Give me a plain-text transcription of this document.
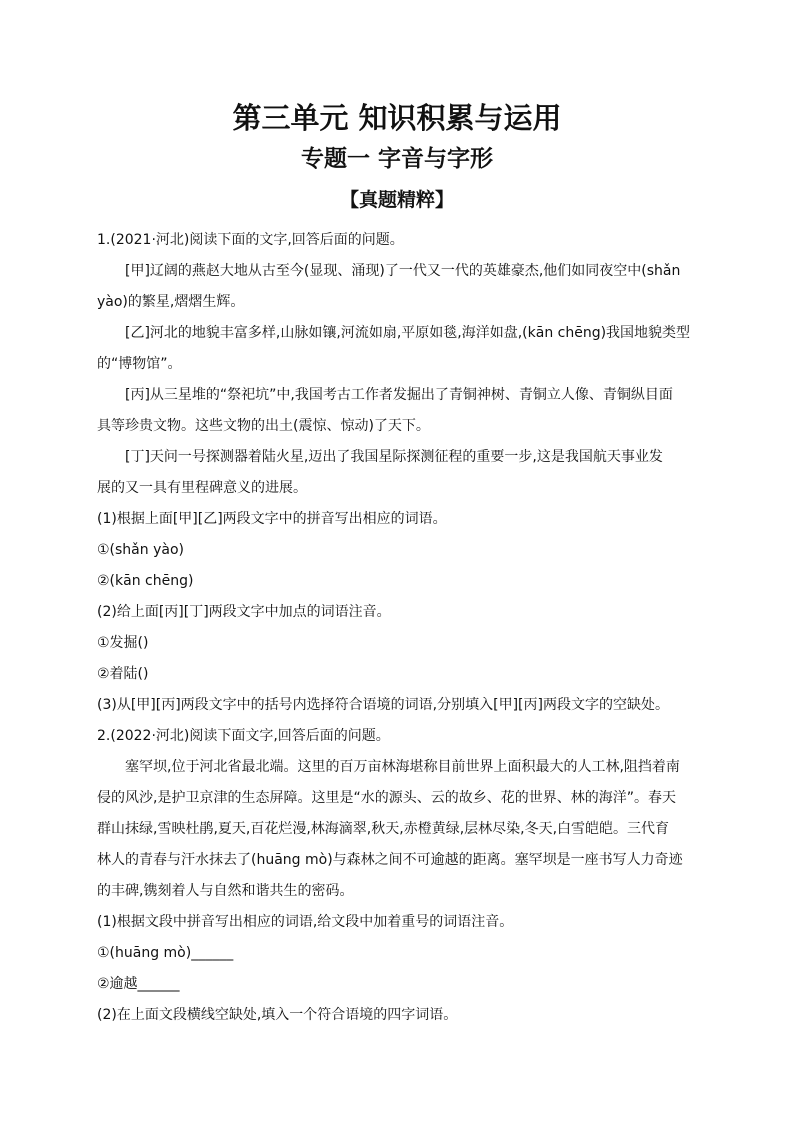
第三单元 知识积累与运用
专题一 字音与字形
【真题精粹】
1.(2021·河北)阅读下面的文字,回答后面的问题。
[甲]辽阔的燕赵大地从古至今(显现、涌现)了一代又一代的英雄豪杰,他们如同夜空中(shǎn
yào)的繁星,熠熠生辉。
[乙]河北的地貌丰富多样,山脉如镶,河流如扇,平原如毯,海洋如盘,(kān chēng)我国地貌类型
的“博物馆”。
[丙]从三星堆的“祭祀坑”中,我国考古工作者发掘出了青铜神树、青铜立人像、青铜纵目面
具等珍贵文物。这些文物的出土(震惊、惊动)了天下。
[丁]天问一号探测器着陆火星,迈出了我国星际探测征程的重要一步,这是我国航天事业发
展的又一具有里程碑意义的进展。
(1)根据上面[甲][乙]两段文字中的拼音写出相应的词语。
①(shǎn yào)
②(kān chēng)
(2)给上面[丙][丁]两段文字中加点的词语注音。
①发掘()
②着陆()
(3)从[甲][丙]两段文字中的括号内选择符合语境的词语,分别填入[甲][丙]两段文字的空缺处。
2.(2022·河北)阅读下面文字,回答后面的问题。
塞罕坝,位于河北省最北端。这里的百万亩林海堪称目前世界上面积最大的人工林,阻挡着南
侵的风沙,是护卫京津的生态屏障。这里是“水的源头、云的故乡、花的世界、林的海洋”。春天
群山抹绿,雪映杜鹃,夏天,百花烂漫,林海滴翠,秋天,赤橙黄绿,层林尽染,冬天,白雪皑皑。三代育
林人的青春与汗水抹去了(huāng mò)与森林之间不可逾越的距离。塞罕坝是一座书写人力奇迹
的丰碑,镌刻着人与自然和谐共生的密码。
(1)根据文段中拼音写出相应的词语,给文段中加着重号的词语注音。
①(huāng mò)______
②逾越______
(2)在上面文段横线空缺处,填入一个符合语境的四字词语。
